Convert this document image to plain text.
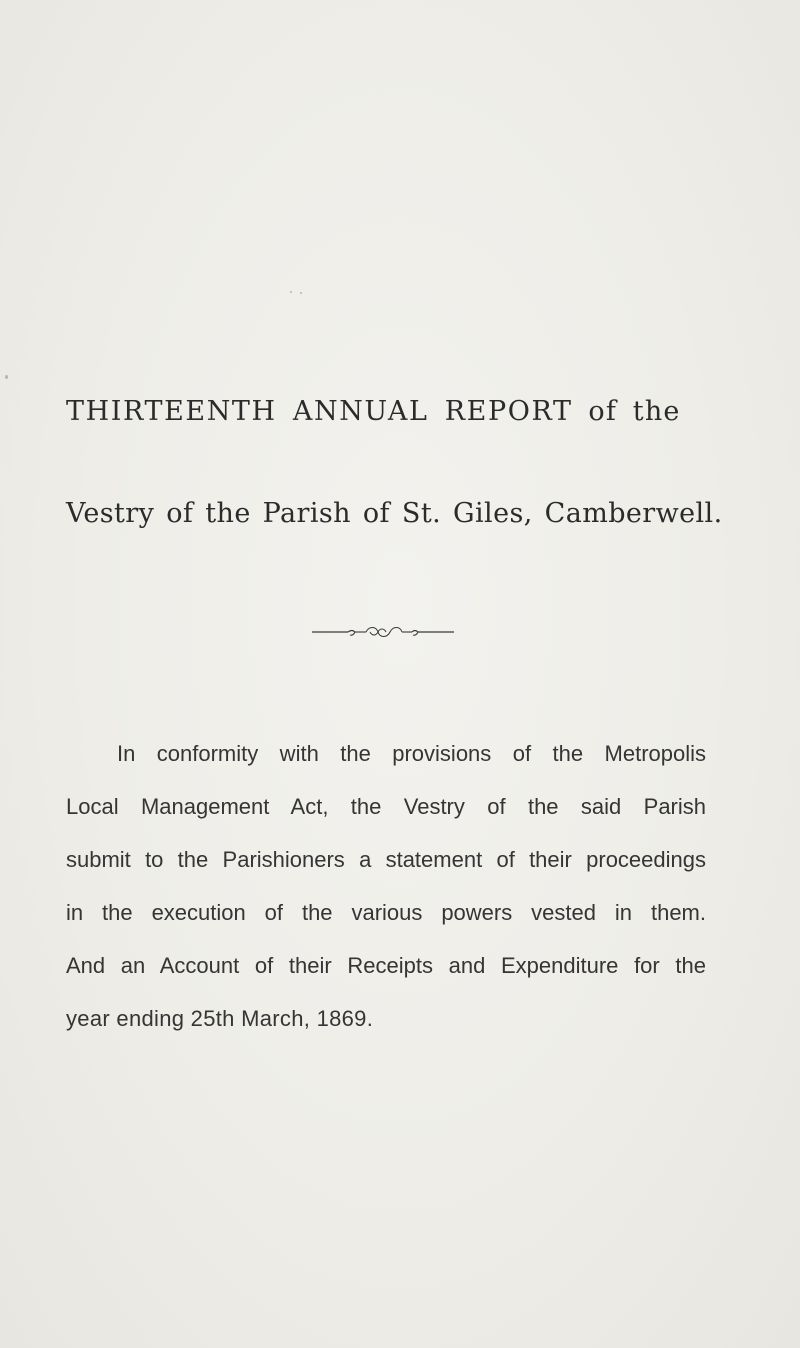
THIRTEENTH ANNUAL REPORT of the
Vestry of the Parish of St. Giles, Camberwell.

In conformity with the provisions of the Metropolis
Local Management Act, the Vestry of the said Parish
submit to the Parishioners a statement of their proceedings
in the execution of the various powers vested in them.
And an Account of their Receipts and Expenditure for the
year ending 25th March, 1869.
